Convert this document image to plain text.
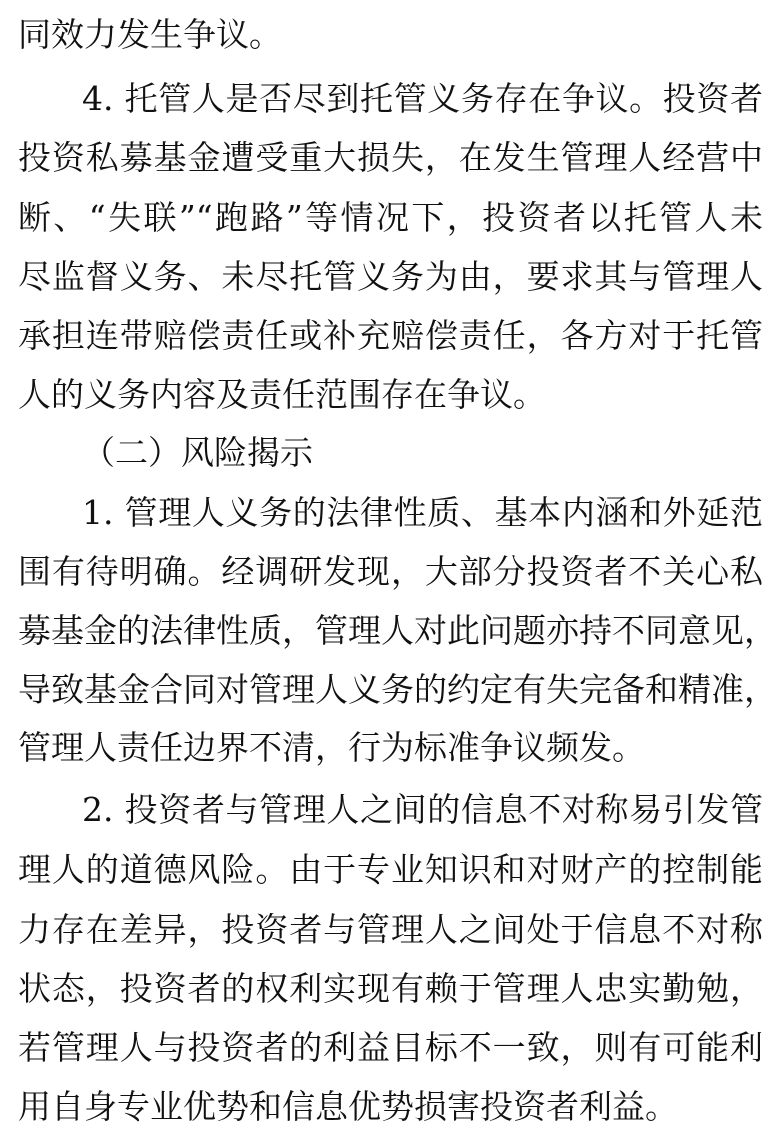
同效力发生争议。
4. 托管人是否尽到托管义务存在争议。投资者
投资私募基金遭受重大损失，在发生管理人经营中
断、“失联”“跑路”等情况下，投资者以托管人未
尽监督义务、未尽托管义务为由，要求其与管理人
承担连带赔偿责任或补充赔偿责任，各方对于托管
人的义务内容及责任范围存在争议。
（二）风险揭示
1. 管理人义务的法律性质、基本内涵和外延范
围有待明确。经调研发现，大部分投资者不关心私
募基金的法律性质，管理人对此问题亦持不同意见，
导致基金合同对管理人义务的约定有失完备和精准，
管理人责任边界不清，行为标准争议频发。
2. 投资者与管理人之间的信息不对称易引发管
理人的道德风险。由于专业知识和对财产的控制能
力存在差异，投资者与管理人之间处于信息不对称
状态，投资者的权利实现有赖于管理人忠实勤勉，
若管理人与投资者的利益目标不一致，则有可能利
用自身专业优势和信息优势损害投资者利益。
